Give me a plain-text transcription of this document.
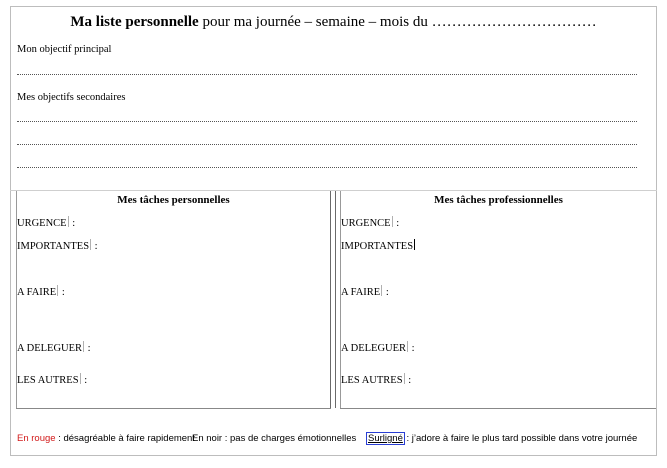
Ma liste personnelle pour ma journée – semaine – mois du ……………………………
Mon objectif principal
Mes objectifs secondaires
Mes tâches personnelles	Mes tâches professionnelles
URGENCE :
IMPORTANTES :
A FAIRE :
A DELEGUER :
LES AUTRES :
URGENCE :
IMPORTANTES
A FAIRE :
A DELEGUER :
LES AUTRES :
En rouge : désagréable à faire rapidement
En noir : pas de charges émotionnelles Surligné : j’adore à faire le plus tard possible dans votre journée
